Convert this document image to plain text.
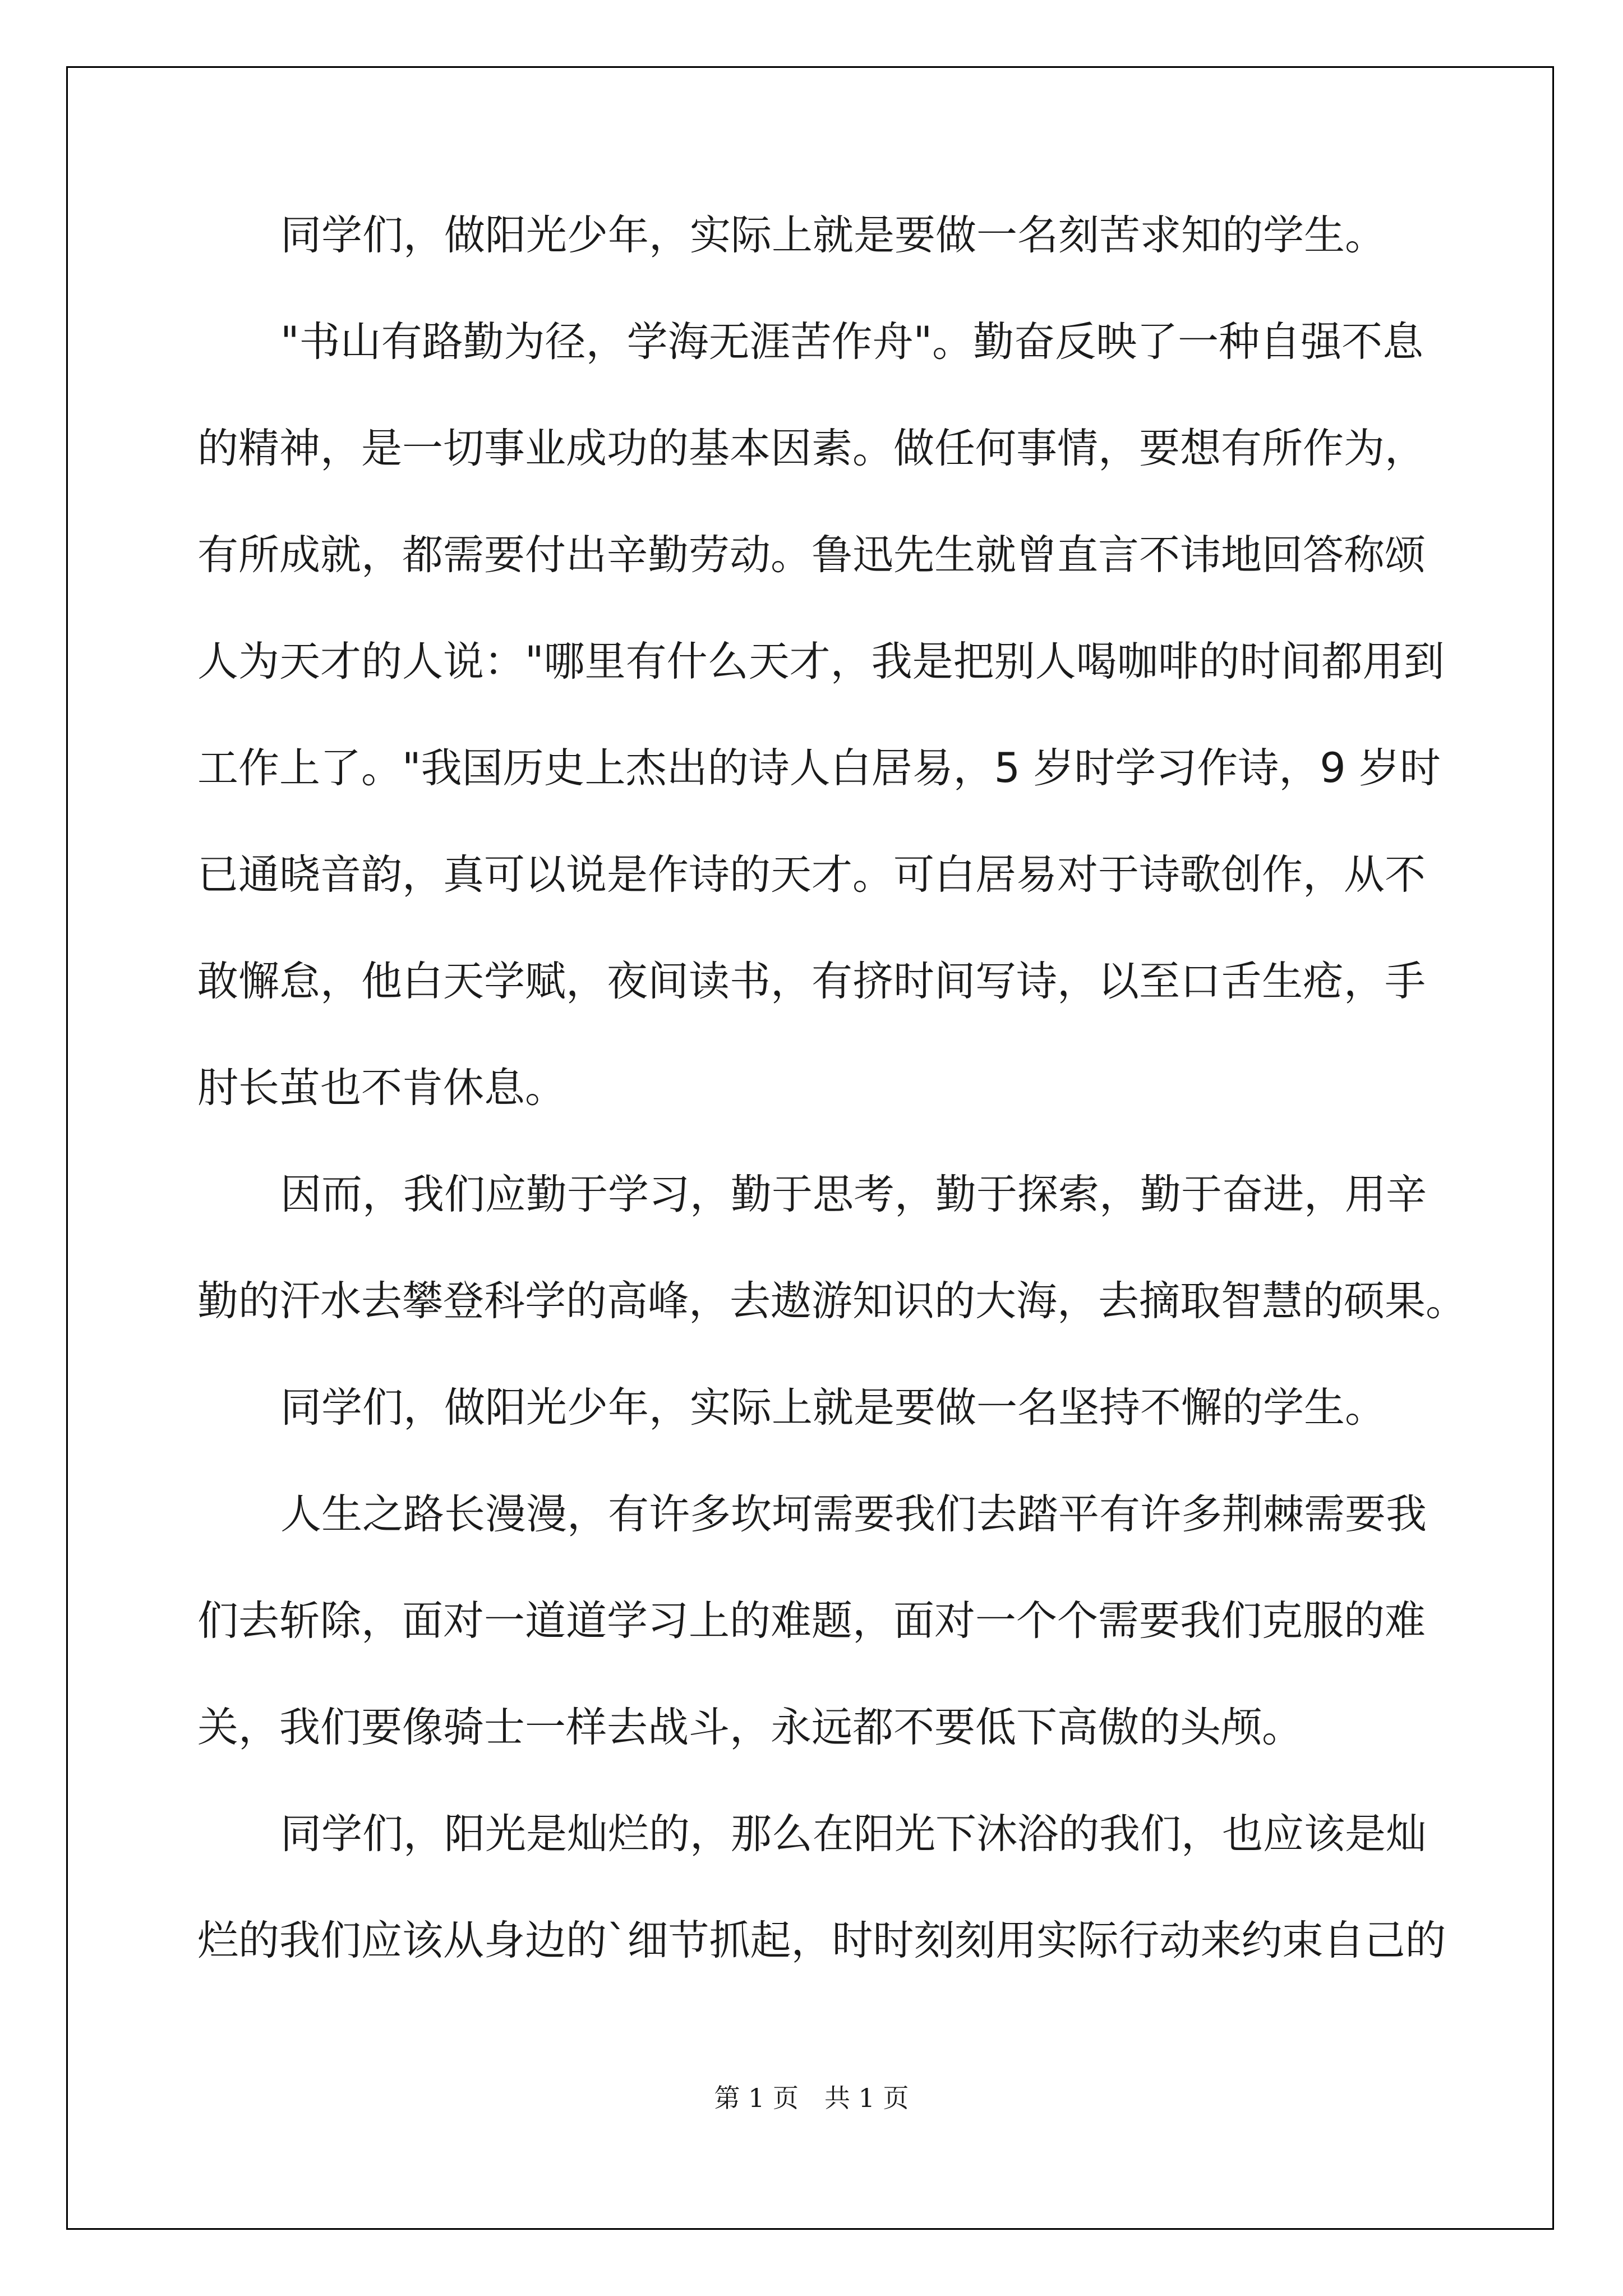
同学们，做阳光少年，实际上就是要做一名刻苦求知的学生。
"书山有路勤为径，学海无涯苦作舟"。勤奋反映了一种自强不息
的精神，是一切事业成功的基本因素。做任何事情，要想有所作为，
有所成就，都需要付出辛勤劳动。鲁迅先生就曾直言不讳地回答称颂
人为天才的人说："哪里有什么天才，我是把别人喝咖啡的时间都用到
工作上了。"我国历史上杰出的诗人白居易，5 岁时学习作诗，9 岁时
已通晓音韵，真可以说是作诗的天才。可白居易对于诗歌创作，从不
敢懈怠，他白天学赋，夜间读书，有挤时间写诗，以至口舌生疮，手
肘长茧也不肯休息。
因而，我们应勤于学习，勤于思考，勤于探索，勤于奋进，用辛
勤的汗水去攀登科学的高峰，去遨游知识的大海，去摘取智慧的硕果。
同学们，做阳光少年，实际上就是要做一名坚持不懈的学生。
人生之路长漫漫，有许多坎坷需要我们去踏平有许多荆棘需要我
们去斩除，面对一道道学习上的难题，面对一个个需要我们克服的难
关，我们要像骑士一样去战斗，永远都不要低下高傲的头颅。
同学们，阳光是灿烂的，那么在阳光下沐浴的我们，也应该是灿
烂的我们应该从身边的`细节抓起，时时刻刻用实际行动来约束自己的
第 1 页　共 1 页
